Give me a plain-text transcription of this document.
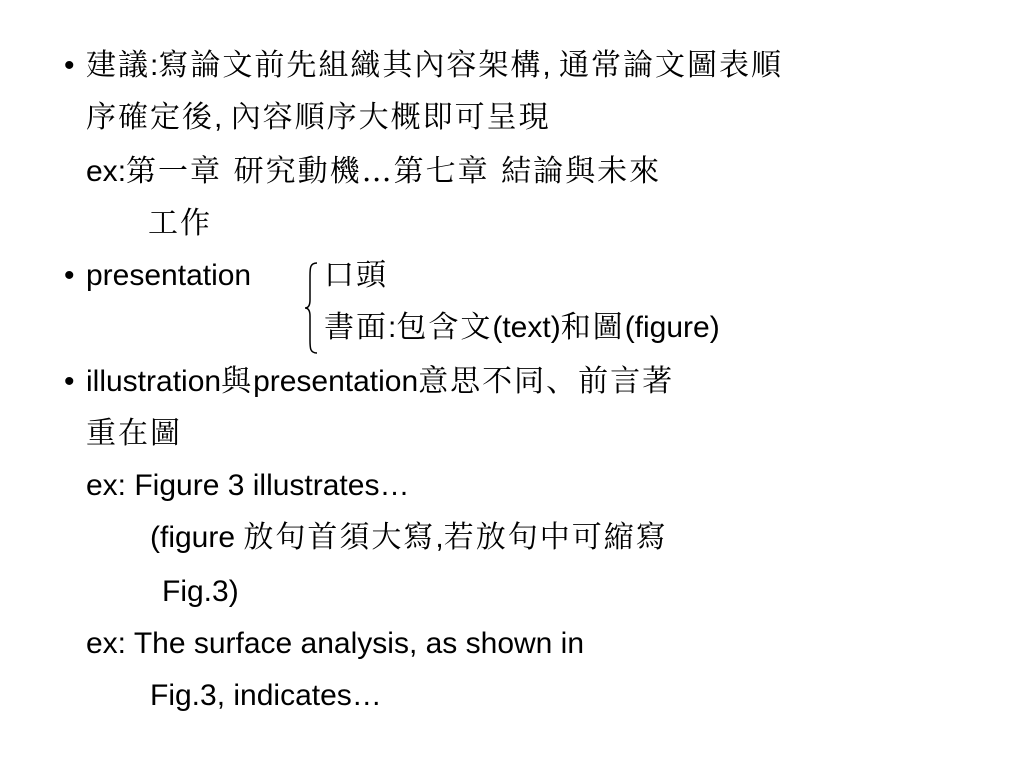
• 建議:寫論文前先組織其內容架構, 通常論文圖表順
序確定後, 內容順序大概即可呈現
ex:第一章 研究動機…第七章 結論與未來
工作
• presentation 口頭
書面:包含文(text)和圖(figure)
• illustration與presentation意思不同、前言著
重在圖
ex: Figure 3 illustrates…
(figure 放句首須大寫,若放句中可縮寫
Fig.3)
ex: The surface analysis, as shown in
Fig.3, indicates…
